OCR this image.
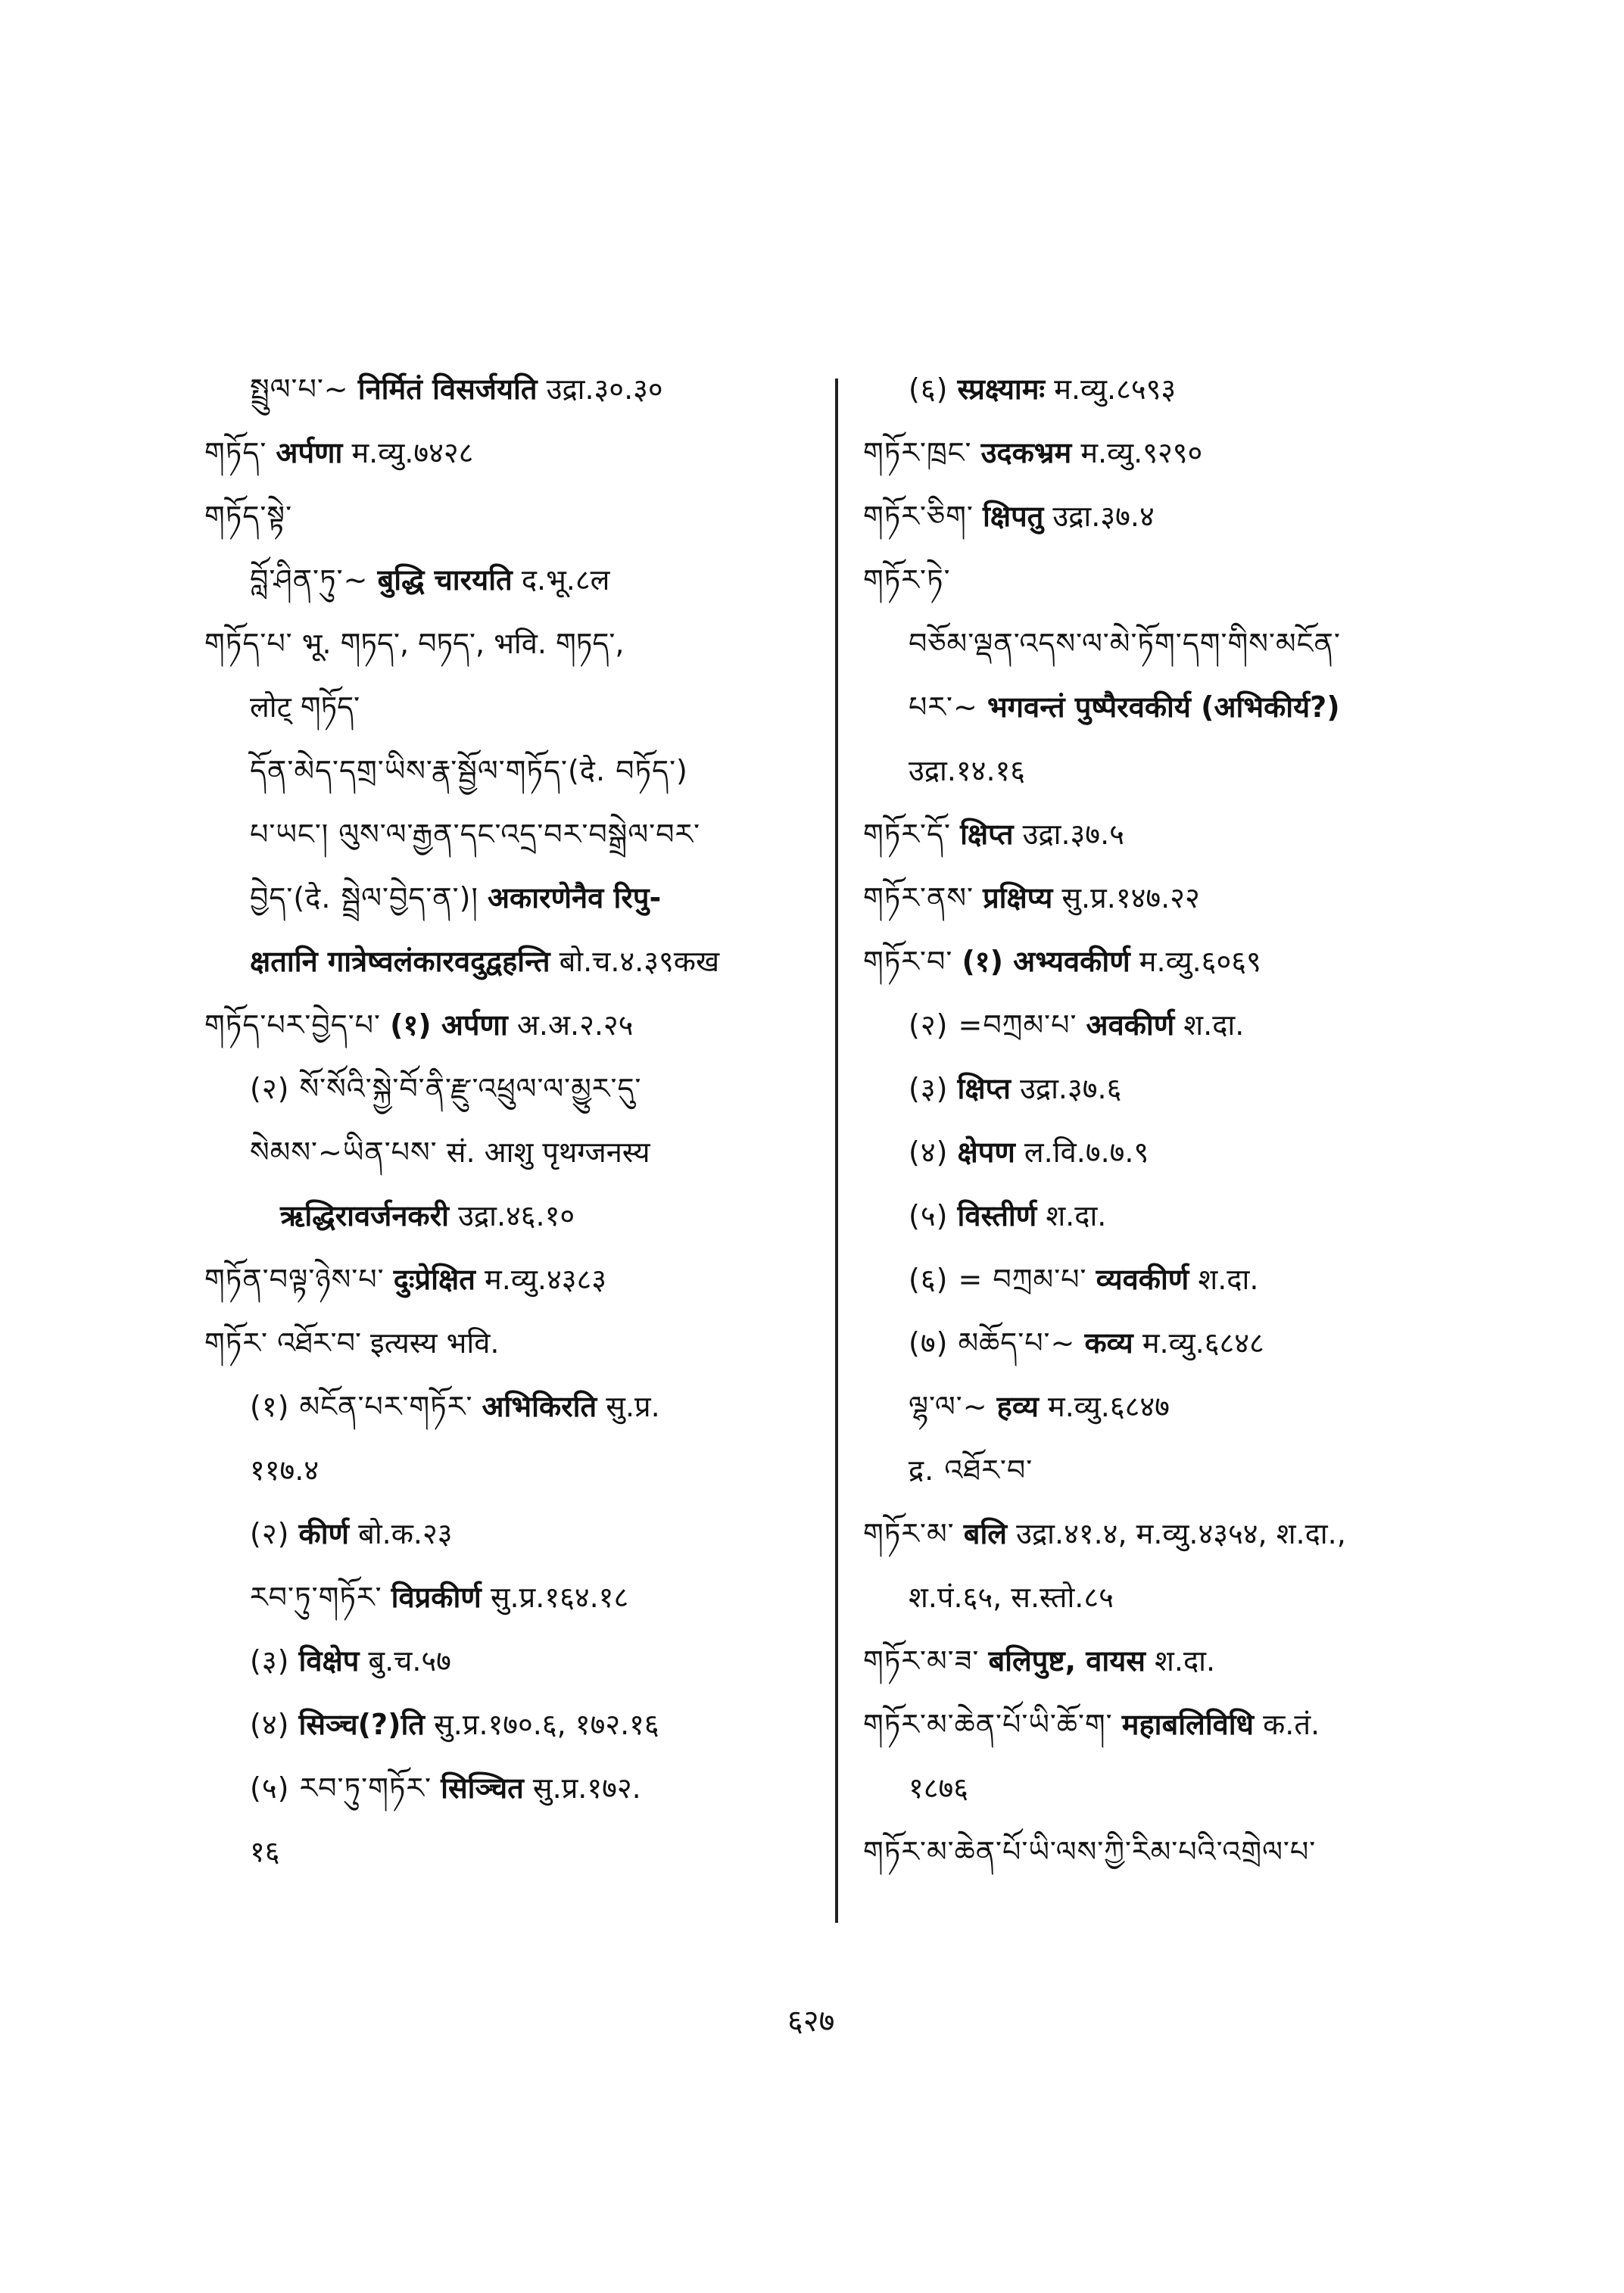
སྤྲུལ་པ་~ निर्मितं विसर्जयति उद्रा.३०.३०
གཏོད་ अर्पणा म.व्यु.७४२८
གཏོད་སྟེ་
བློ་ཤིན་ཏུ་~ बुद्धि चारयति द.भू.८ल
གཏོད་པ་ भू. གཏད་, བཏད་, भवि. གཏད་,
लोट् གཏོད་
དོན་མེད་དགྲ་ཡིས་རྣ་སྦྱོལ་གཏོད་(दे. བཏོད་)
པ་ཡང་། ལུས་ལ་རྒྱན་དང་འདྲ་བར་བསྒྲེལ་བར་
བྱེད་(दे. སྦྲེལ་བྱེད་ན་)། अकारणेनैव रिपु-
क्षतानि गात्रेष्वलंकारवदुद्वहन्ति बो.च.४.३९कख
གཏོད་པར་བྱེད་པ་ (१) अर्पणा अ.अ.२.२५
(२) སོ་སོའི་སྐྱེ་བོ་ནི་རྫུ་འཕྲུལ་ལ་མྱུར་དུ་
སེམས་~ཡིན་པས་ सं. आशु पृथग्जनस्य
ऋद्धिरावर्जनकरी उद्रा.४६.१०
གཏོན་བལྟ་ཉེས་པ་ दुःप्रेक्षित म.व्यु.४३८३
གཏོར་ འཐོར་བ་ इत्यस्य भवि.
(१) མངོན་པར་གཏོར་ अभिकिरति सु.प्र.
११७.४
(२) कीर्ण बो.क.२३
རབ་ཏུ་གཏོར་ विप्रकीर्ण सु.प्र.१६४.१८
(३) विक्षेप बु.च.५७
(४) सिञ्च(?)ति सु.प्र.१७०.६, १७२.१६
(५) རབ་ཏུ་གཏོར་ सिञ्चित सु.प्र.१७२.
१६
(६) स्प्रक्ष्यामः म.व्यु.८५९३
གཏོར་ཁྲང་ उदकभ्रम म.व्यु.९२९०
གཏོར་ཅིག་ क्षिपतु उद्रा.३७.४
གཏོར་ཏེ་
བཅོམ་ལྡན་འདས་ལ་མེ་ཏོག་དག་གིས་མངོན་
པར་~ भगवन्तं पुष्पैरवकीर्य (अभिकीर्य?)
उद्रा.१४.१६
གཏོར་དོ་ क्षिप्त उद्रा.३७.५
གཏོར་ནས་ प्रक्षिप्य सु.प्र.१४७.२२
གཏོར་བ་ (१) अभ्यवकीर्ण म.व्यु.६०६९
(२) =བཀྲམ་པ་ अवकीर्ण श.दा.
(३) क्षिप्त उद्रा.३७.६
(४) क्षेपण ल.वि.७.७.९
(५) विस्तीर्ण श.दा.
(६) = བཀྲམ་པ་ व्यवकीर्ण श.दा.
(७) མཆོད་པ་~ कव्य म.व्यु.६८४८
ལྷ་ལ་~ हव्य म.व्यु.६८४७
द्र. འཐོར་བ་
གཏོར་མ་ बलि उद्रा.४१.४, म.व्यु.४३५४, श.दा.,
श.पं.६५, स.स्तो.८५
གཏོར་མ་ཟ་ बलिपुष्ट, वायस श.दा.
གཏོར་མ་ཆེན་པོ་ཡི་ཆོ་ག་ महाबलिविधि क.तं.
१८७६
གཏོར་མ་ཆེན་པོ་ཡི་ལས་ཀྱི་རིམ་པའི་འགྲེལ་པ་
६२७
